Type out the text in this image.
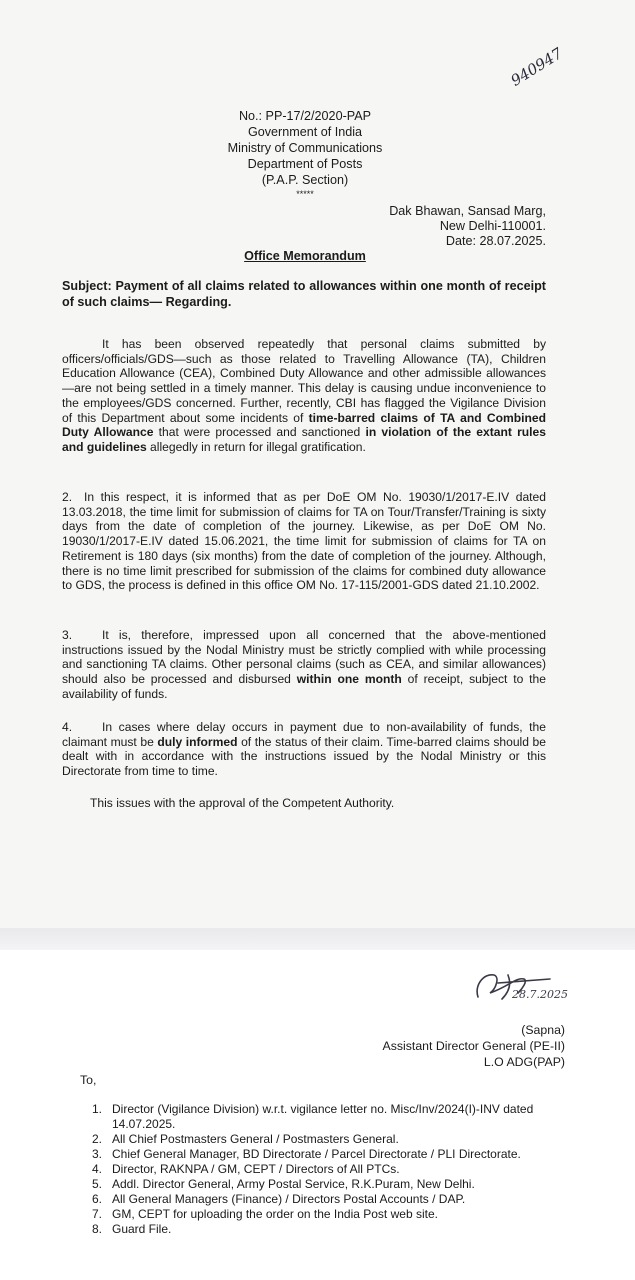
940947
No.: PP-17/2/2020-PAP
Government of India
Ministry of Communications
Department of Posts
(P.A.P. Section)
*****
Dak Bhawan, Sansad Marg,
New Delhi-110001.
Date: 28.07.2025.
Office Memorandum
Subject: Payment of all claims related to allowances within one month of receipt of such claims— Regarding.

It has been observed repeatedly that personal claims submitted by officers/officials/GDS—such as those related to Travelling Allowance (TA), Children Education Allowance (CEA), Combined Duty Allowance and other admissible allowances—are not being settled in a timely manner. This delay is causing undue inconvenience to the employees/GDS concerned. Further, recently, CBI has flagged the Vigilance Division of this Department about some incidents of time-barred claims of TA and Combined Duty Allowance that were processed and sanctioned in violation of the extant rules and guidelines allegedly in return for illegal gratification.

2. In this respect, it is informed that as per DoE OM No. 19030/1/2017-E.IV dated 13.03.2018, the time limit for submission of claims for TA on Tour/Transfer/Training is sixty days from the date of completion of the journey. Likewise, as per DoE OM No. 19030/1/2017-E.IV dated 15.06.2021, the time limit for submission of claims for TA on Retirement is 180 days (six months) from the date of completion of the journey. Although, there is no time limit prescribed for submission of the claims for combined duty allowance to GDS, the process is defined in this office OM No. 17-115/2001-GDS dated 21.10.2002.

3. It is, therefore, impressed upon all concerned that the above-mentioned instructions issued by the Nodal Ministry must be strictly complied with while processing and sanctioning TA claims. Other personal claims (such as CEA, and similar allowances) should also be processed and disbursed within one month of receipt, subject to the availability of funds.

4. In cases where delay occurs in payment due to non-availability of funds, the claimant must be duly informed of the status of their claim. Time-barred claims should be dealt with in accordance with the instructions issued by the Nodal Ministry or this Directorate from time to time.

This issues with the approval of the Competent Authority.
28.7.2025
(Sapna)
Assistant Director General (PE-II)
L.O ADG(PAP)
To,
1. Director (Vigilance Division) w.r.t. vigilance letter no. Misc/Inv/2024(I)-INV dated 14.07.2025.
2. All Chief Postmasters General / Postmasters General.
3. Chief General Manager, BD Directorate / Parcel Directorate / PLI Directorate.
4. Director, RAKNPA / GM, CEPT / Directors of All PTCs.
5. Addl. Director General, Army Postal Service, R.K.Puram, New Delhi.
6. All General Managers (Finance) / Directors Postal Accounts / DAP.
7. GM, CEPT for uploading the order on the India Post web site.
8. Guard File.
